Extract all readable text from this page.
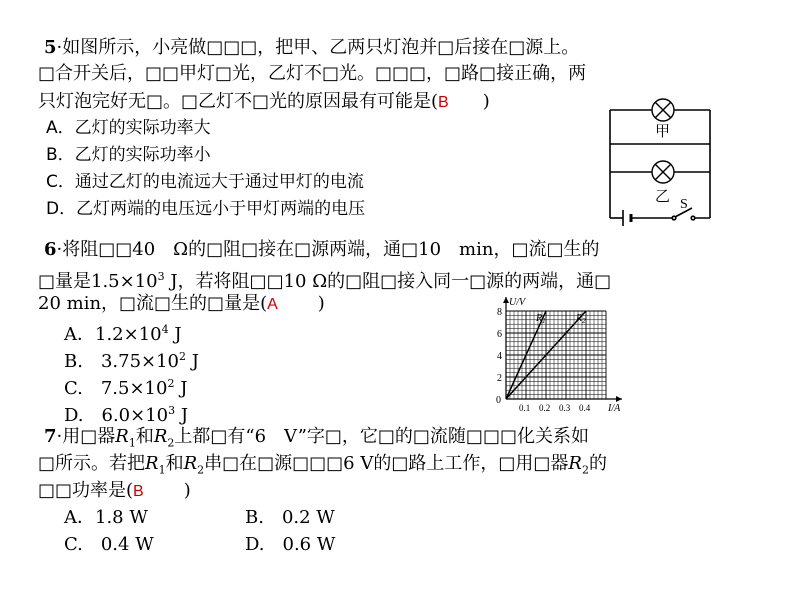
5·如图所示，小亮做□□□，把甲、乙两只灯泡并□后接在□源上。
□合开关后，□□甲灯□光，乙灯不□光。□□□，□路□接正确，两
只灯泡完好无□。□乙灯不□光的原因最有可能是(B )
A．乙灯的实际功率大
B．乙灯的实际功率小
C．通过乙灯的电流远大于通过甲灯的电流
D．乙灯两端的电压远小于甲灯两端的电压
甲
乙 S
6·将阻□□40　Ω的□阻□接在□源两端，通□10　min，□流□生的
□量是$1.5\times 10^3$ J，若将阻□□10 Ω的□阻□接入同一□源的两端，通□
20 min，□流□生的□量是(A )
A．$1.2\times 10^4$ J
B.　$3.75\times 10^2$ J
C.　$7.5\times 10^2$ J
D.　$6.0\times 10^3$ J
U/V
I/A
0
0.1 0.2 0.3 0.4
2
4
6
8
$R_1$	$R_2$
7·用□器$R_1$和$R_2$上都□有“6　V”字□，它□的□流随□□□化关系如
□所示。若把$R_1$和$R_2$串□在□源□□□6 V的□路上工作，□用□器$R_2$的
□□功率是(B )
A．1.8 W	B.　0.2 W
C.　0.4 W	D.　0.6 W
